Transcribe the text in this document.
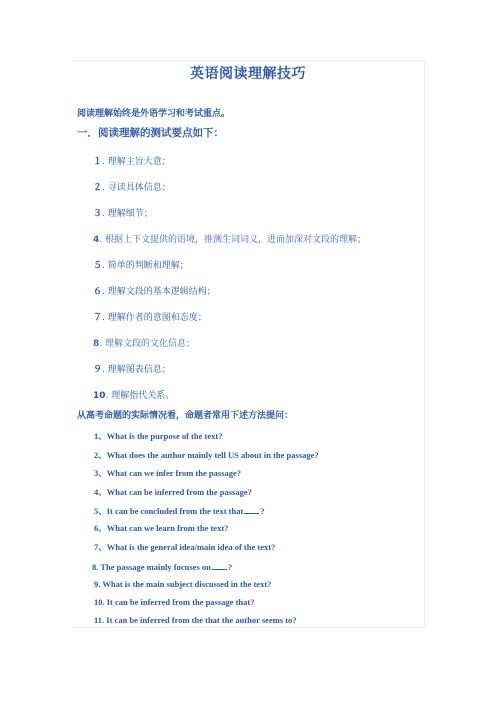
英语阅读理解技巧
阅读理解始终是外语学习和考试重点。
一．阅读理解的测试要点如下：
１. 理解主旨大意；
２. 寻读具体信息；
３. 理解细节；
4. 根据上下文提供的语境，推测生词词义，进而加深对文段的理解；
５. 简单的判断和理解；
６. 理解文段的基本逻辑结构；
７. 理解作者的意图和态度；
8. 理解文段的文化信息；
９. 理解图表信息；
10. 理解指代关系。
从高考命题的实际情况看，命题者常用下述方法提问：
1、What is the purpose of the text?
2、What does the author mainly tell US about in the passage?
3、What can we infer from the passage?
4、What can be inferred from the passage?
5、It can be concluded from the text that ?
6、What can we learn from the text?
7、What is the general idea/main idea of the text?
8. The passage mainly focuses on ?
9. What is the main subject discussed in the text?
10. It can be inferred from the passage that?
11. It can be inferred from the that the author seems to?
